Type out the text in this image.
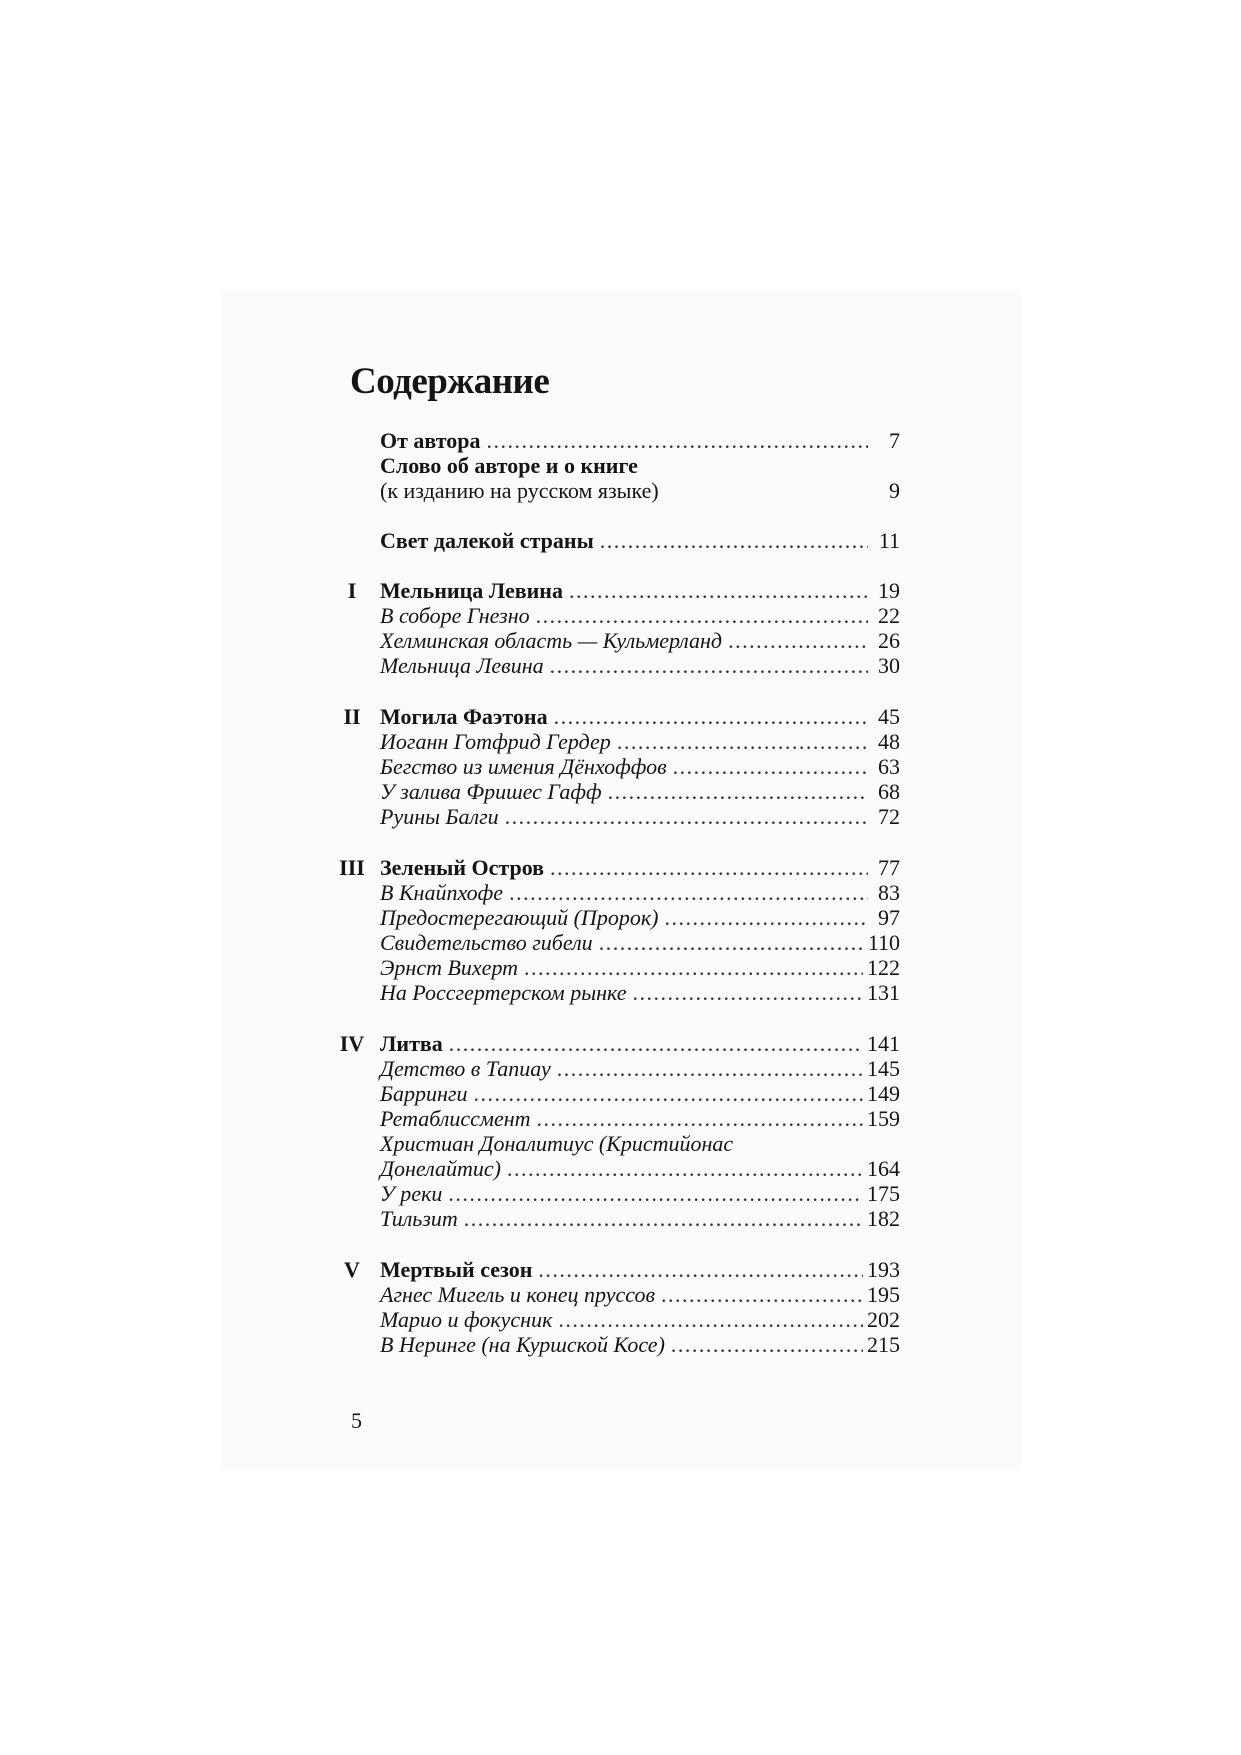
Содержание
От автора .....	7
Слово об авторе и о книге
(к изданию на русском языке)	9
Свет далекой страны .....	11
I	Мельница Левина .....	19
В соборе Гнезно .....	22
Хелминская область — Кульмерланд .....	26
Мельница Левина .....	30
II Могила Фаэтона .....	45
Иоганн Готфрид Гердер .....	48
Бегство из имения Дёнхоффов .....	63
У залива Фришес Гафф .....	68
Руины Балги .....	72
III Зеленый Остров .....	77
В Кнайпхофе .....	83
Предостерегающий (Пророк) .....	97
Свидетельство гибели .....	110
Эрнст Вихерт .....	122
На Россгертерском рынке .....	131
IV Литва .....	141
Детство в Тапиау .....	145
Барринги .....	149
Ретаблиссмент .....	159
Христиан Доналитиус (Кристийонас
Донелайтис) .....	164
У реки .....	175
Тильзит .....	182
V Мертвый сезон .....	193
Агнес Мигель и конец пруссов .....	195
Марио и фокусник .....	202
В Неринге (на Куршской Косе) .....	215
5
